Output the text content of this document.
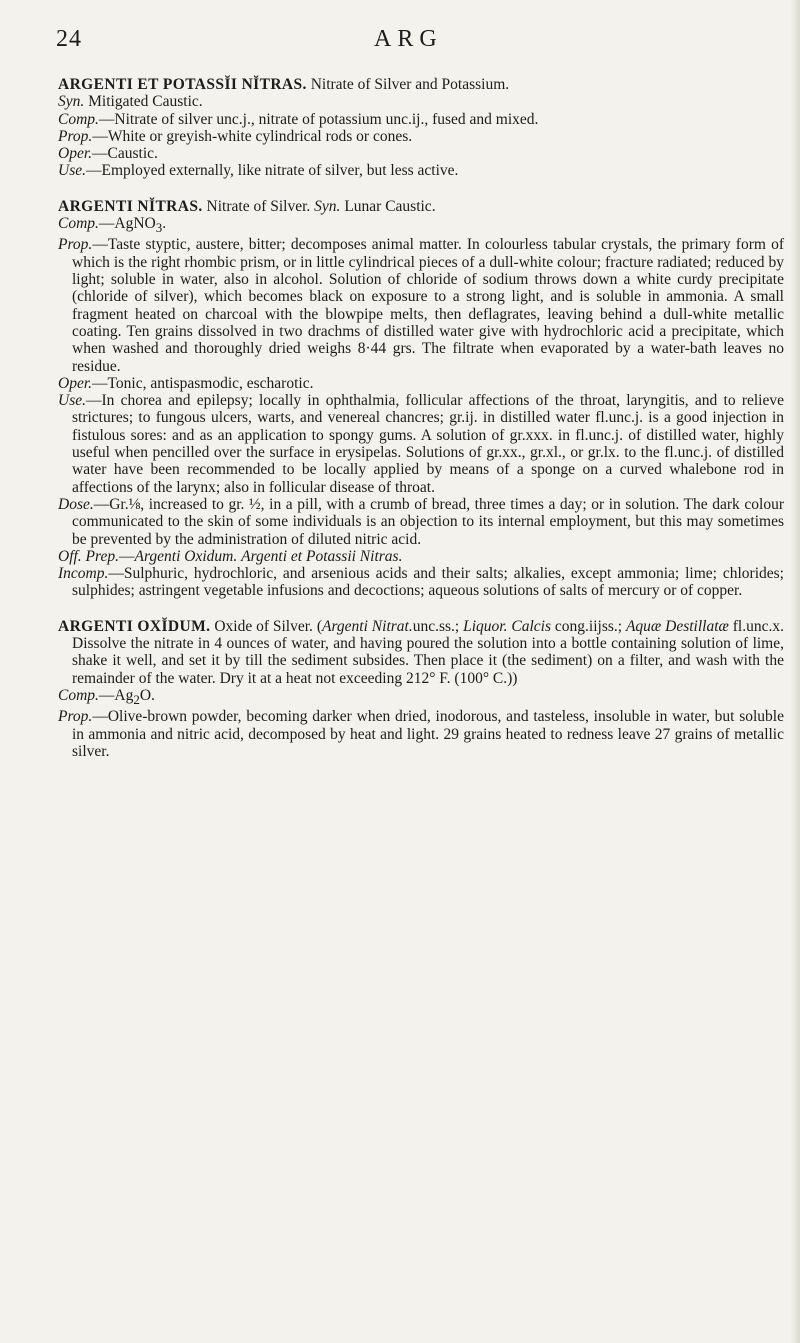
24	ARG

ARGENTI ET POTASSĬI NĬTRAS. Nitrate of Silver and Potassium.

Syn. Mitigated Caustic.

Comp.—Nitrate of silver unc.j., nitrate of potassium unc.ij., fused and mixed.

Prop.—White or greyish-white cylindrical rods or cones.

Oper.—Caustic.

Use.—Employed externally, like nitrate of silver, but less active.

ARGENTI NĬTRAS. Nitrate of Silver. Syn. Lunar Caustic.

Comp.—AgNO$_3$.

Prop.—Taste styptic, austere, bitter; decomposes animal matter. In colourless tabular crystals, the primary form of which is the right rhombic prism, or in little cylindrical pieces of a dull-white colour; fracture radiated; reduced by light; soluble in water, also in alcohol. Solution of chloride of sodium throws down a white curdy precipitate (chloride of silver), which becomes black on exposure to a strong light, and is soluble in ammonia. A small fragment heated on charcoal with the blowpipe melts, then deflagrates, leaving behind a dull-white metallic coating. Ten grains dissolved in two drachms of distilled water give with hydrochloric acid a precipitate, which when washed and thoroughly dried weighs 8·44 grs. The filtrate when evaporated by a water-bath leaves no residue.

Oper.—Tonic, antispasmodic, escharotic.

Use.—In chorea and epilepsy; locally in ophthalmia, follicular affections of the throat, laryngitis, and to relieve strictures; to fungous ulcers, warts, and venereal chancres; gr.ij. in distilled water fl.unc.j. is a good injection in fistulous sores: and as an application to spongy gums. A solution of gr.xxx. in fl.unc.j. of distilled water, highly useful when pencilled over the surface in erysipelas. Solutions of gr.xx., gr.xl., or gr.lx. to the fl.unc.j. of distilled water have been recommended to be locally applied by means of a sponge on a curved whalebone rod in affections of the larynx; also in follicular disease of throat.

Dose.—Gr.⅛, increased to gr. ½, in a pill, with a crumb of bread, three times a day; or in solution. The dark colour communicated to the skin of some individuals is an objection to its internal employment, but this may sometimes be prevented by the administration of diluted nitric acid.

Off. Prep.—Argenti Oxidum. Argenti et Potassii Nitras.

Incomp.—Sulphuric, hydrochloric, and arsenious acids and their salts; alkalies, except ammonia; lime; chlorides; sulphides; astringent vegetable infusions and decoctions; aqueous solutions of salts of mercury or of copper.

ARGENTI OXĬDUM. Oxide of Silver. (Argenti Nitrat.unc.ss.; Liquor. Calcis cong.iijss.; Aquæ Destillatæ fl.unc.x. Dissolve the nitrate in 4 ounces of water, and having poured the solution into a bottle containing solution of lime, shake it well, and set it by till the sediment subsides. Then place it (the sediment) on a filter, and wash with the remainder of the water. Dry it at a heat not exceeding 212° F. (100° C.))

$Comp.—Ag_2O$.

Prop.—Olive-brown powder, becoming darker when dried, inodorous, and tasteless, insoluble in water, but soluble in ammonia and nitric acid, decomposed by heat and light. 29 grains heated to redness leave 27 grains of metallic silver.
